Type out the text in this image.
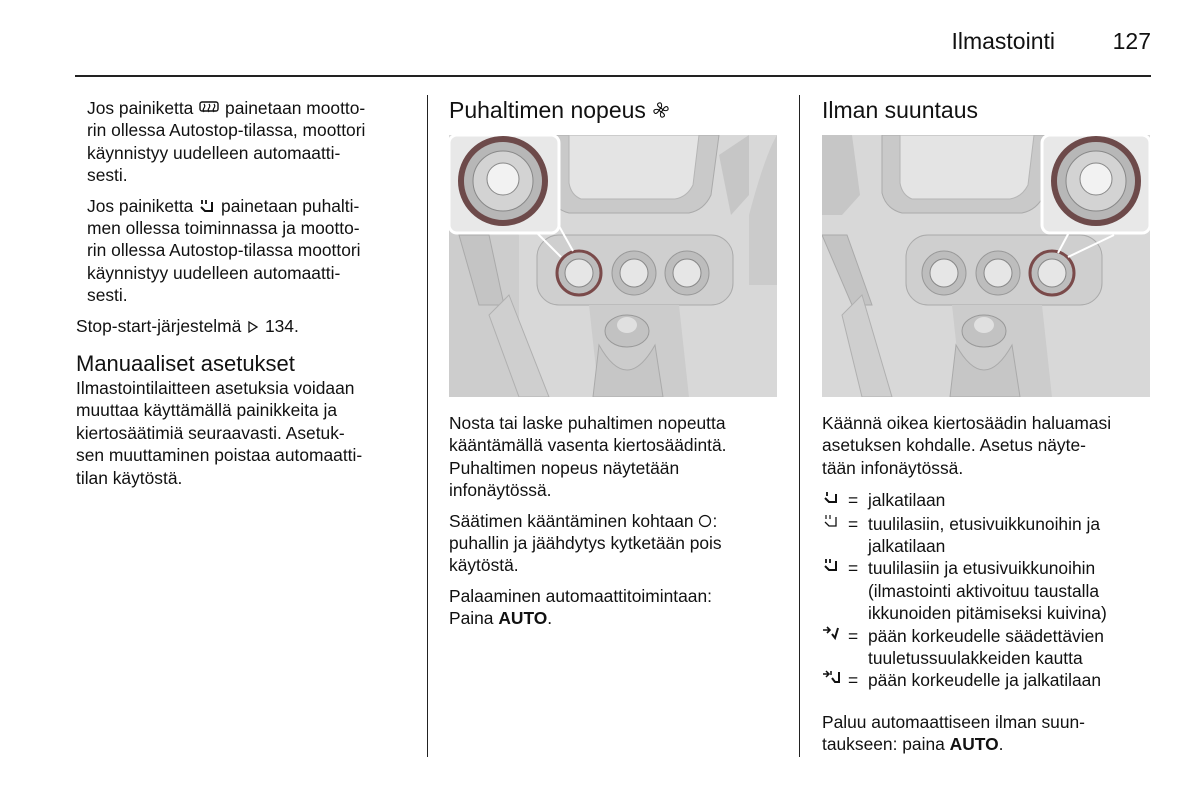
Ilmastointi	127

Jos painiketta  painetaan mootto-
rin ollessa Autostop-tilassa, moottori
käynnistyy uudelleen automaatti-
sesti.

Jos painiketta  painetaan puhalti-
men ollessa toiminnassa ja mootto-
rin ollessa Autostop-tilassa moottori
käynnistyy uudelleen automaatti-
sesti.

Stop-start-järjestelmä 134.

Manuaaliset asetukset

Ilmastointilaitteen asetuksia voidaan
muuttaa käyttämällä painikkeita ja
kiertosäätimiä seuraavasti. Asetuk-
sen muuttaminen poistaa automaatti-
tilan käytöstä.

Puhaltimen nopeus

Nosta tai laske puhaltimen nopeutta
kääntämällä vasenta kiertosäädintä.
Puhaltimen nopeus näytetään
infonäytössä.

Säätimen kääntäminen kohtaan :
puhallin ja jäähdytys kytketään pois
käytöstä.

Palaaminen automaattitoimintaan:
Paina AUTO.

Ilman suuntaus

Käännä oikea kiertosäädin haluamasi
asetuksen kohdalle. Asetus näyte-
tään infonäytössä.

= jalkatilaan
= tuulilasiin, etusivuikkunoihin ja
jalkatilaan
= tuulilasiin ja etusivuikkunoihin
(ilmastointi aktivoituu taustalla
ikkunoiden pitämiseksi kuivina)
= pään korkeudelle säädettävien
tuuletussuulakkeiden kautta
= pään korkeudelle ja jalkatilaan

Paluu automaattiseen ilman suun-
taukseen: paina AUTO.
